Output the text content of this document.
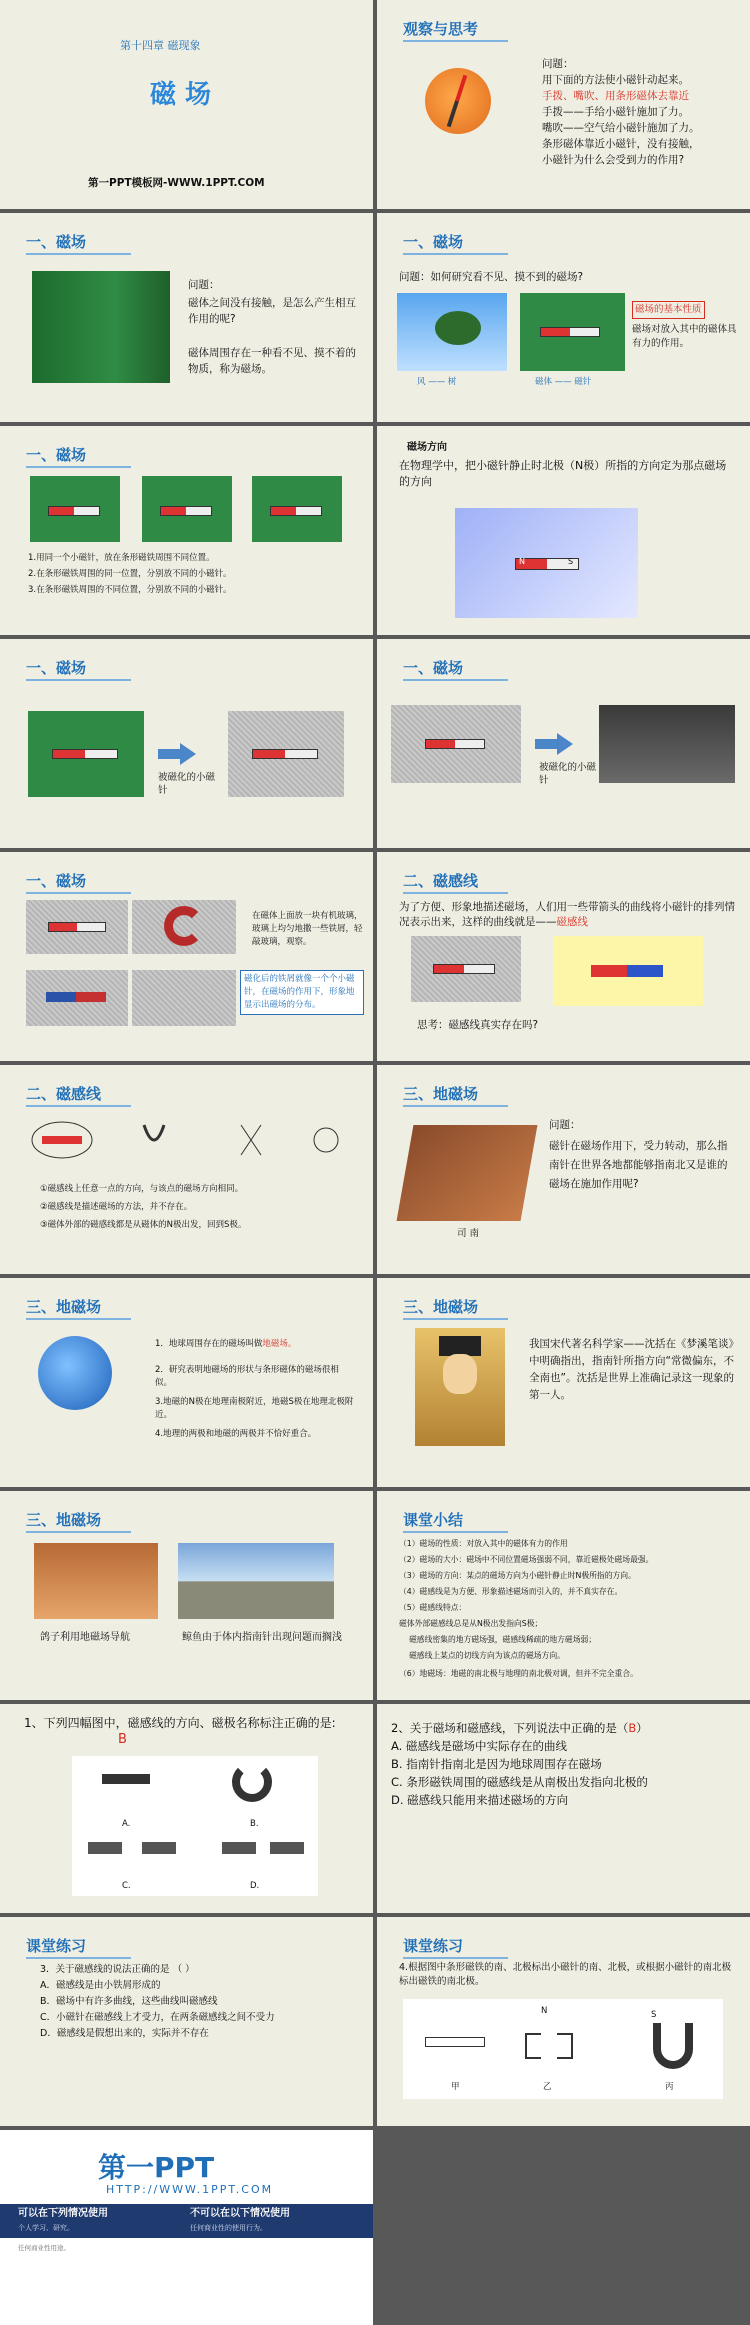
第十四章 磁现象
磁 场
第一PPT模板网-WWW.1PPT.COM
观察与思考
问题：
用下面的方法使小磁针动起来。
手拨、嘴吹、用条形磁体去靠近
手拨——手给小磁针施加了力。
嘴吹——空气给小磁针施加了力。
条形磁体靠近小磁针，没有接触，
小磁针为什么会受到力的作用?
一、磁场
问题：
磁体之间没有接触，是怎么产生相互作用的呢?
磁体周围存在一种看不见、摸不着的物质，称为磁场。
一、磁场
问题：如何研究看不见、摸不到的磁场?
风 —— 树	磁体 —— 磁针
磁场的基本性质
磁场对放入其中的磁体具有力的作用。
一、磁场
1.用同一个小磁针，放在条形磁铁周围不同位置。
2.在条形磁铁周围的同一位置，分别放不同的小磁针。
3.在条形磁铁周围的不同位置，分别放不同的小磁针。
磁场方向
在物理学中，把小磁针静止时北极（N极）所指的方向定为那点磁场的方向
N	S
一、磁场
被磁化的小磁针
一、磁场
被磁化的小磁针
一、磁场
在磁体上面放一块有机玻璃，玻璃上均匀地撒一些铁屑，轻敲玻璃，观察。
磁化后的铁屑就像一个个小磁针，在磁场的作用下，形象地显示出磁场的分布。
二、磁感线
为了方便、形象地描述磁场，人们用一些带箭头的曲线将小磁针的排列情况表示出来，这样的曲线就是——磁感线
思考：磁感线真实存在吗?
二、磁感线
①磁感线上任意一点的方向，与该点的磁场方向相同。
②磁感线是描述磁场的方法，并不存在。
③磁体外部的磁感线都是从磁体的N极出发，回到S极。
三、地磁场
司 南
问题：
磁针在磁场作用下，受力转动，那么指南针在世界各地都能够指南北又是谁的磁场在施加作用呢?
三、地磁场
1．地球周围存在的磁场叫做地磁场。
2．研究表明地磁场的形状与条形磁体的磁场很相似。
3.地磁的N极在地理南极附近，地磁S极在地理北极附近。
4.地理的两极和地磁的两极并不恰好重合。
三、地磁场
我国宋代著名科学家——沈括在《梦溪笔谈》中明确指出，指南针所指方向“常微偏东，不全南也”。沈括是世界上准确记录这一现象的第一人。
三、地磁场
鸽子利用地磁场导航	鲸鱼由于体内指南针出现问题而搁浅
课堂小结
（1）磁场的性质：对放入其中的磁体有力的作用
（2）磁场的大小：磁场中不同位置磁场强弱不同，靠近磁极处磁场最强。
（3）磁场的方向：某点的磁场方向为小磁针静止时N极所指的方向。
（4）磁感线是为方便、形象描述磁场而引入的，并不真实存在。
（5）磁感线特点：
磁体外部磁感线总是从N极出发指向S极；
磁感线密集的地方磁场强，磁感线稀疏的地方磁场弱；
磁感线上某点的切线方向为该点的磁场方向。
（6）地磁场：地磁的南北极与地理的南北极对调，但并不完全重合。
1、下列四幅图中，磁感线的方向、磁极名称标注正确的是:
B
A.	B.
C.	D.
2、关于磁场和磁感线，下列说法中正确的是（B）
A. 磁感线是磁场中实际存在的曲线
B. 指南针指南北是因为地球周围存在磁场
C. 条形磁铁周围的磁感线是从南极出发指向北极的
D. 磁感线只能用来描述磁场的方向
课堂练习
3．关于磁感线的说法正确的是 （ ）
A．磁感线是由小铁屑形成的
B．磁场中有许多曲线，这些曲线叫磁感线
C．小磁针在磁感线上才受力，在两条磁感线之间不受力
D．磁感线是假想出来的，实际并不存在
课堂练习
4.根据图中条形磁铁的南、北极标出小磁针的南、北极，或根据小磁针的南北极标出磁铁的南北极。
N	S
甲	乙	丙
第一PPT
HTTP://WWW.1PPT.COM
可以在下列情况使用	不可以在以下情况使用
个人学习、研究。	任何商业性的使用行为。
任何商业性用途。
